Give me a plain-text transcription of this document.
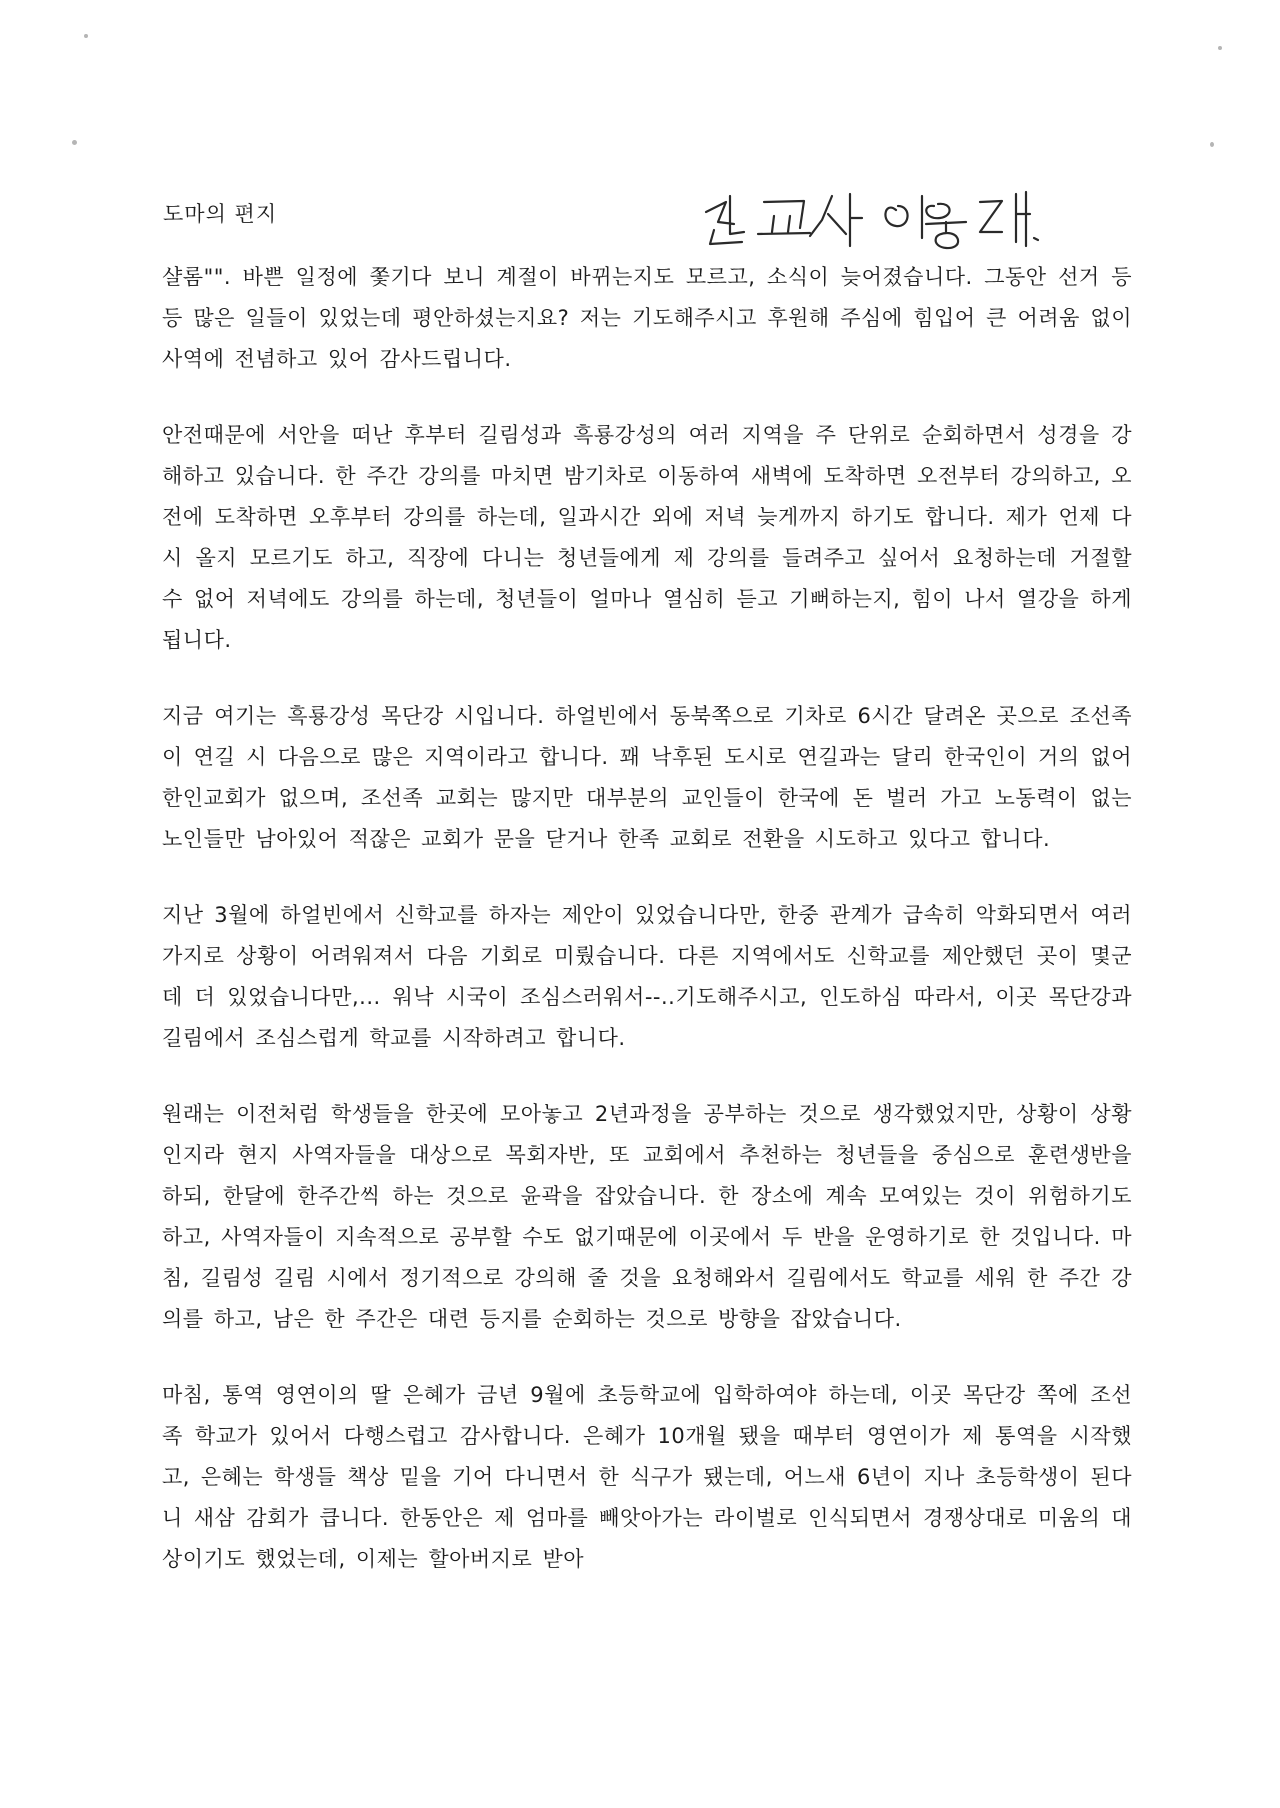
도마의 편지

샬롬"". 바쁜 일정에 쫓기다 보니 계절이 바뀌는지도 모르고, 소식이 늦어졌습니다. 그동안 선거 등등 많은 일들이 있었는데 평안하셨는지요? 저는 기도해주시고 후원해 주심에 힘입어 큰 어려움 없이 사역에 전념하고 있어 감사드립니다.

안전때문에 서안을 떠난 후부터 길림성과 흑룡강성의 여러 지역을 주 단위로 순회하면서 성경을 강해하고 있습니다. 한 주간 강의를 마치면 밤기차로 이동하여 새벽에 도착하면 오전부터 강의하고, 오전에 도착하면 오후부터 강의를 하는데, 일과시간 외에 저녁 늦게까지 하기도 합니다. 제가 언제 다시 올지 모르기도 하고, 직장에 다니는 청년들에게 제 강의를 들려주고 싶어서 요청하는데 거절할 수 없어 저녁에도 강의를 하는데, 청년들이 얼마나 열심히 듣고 기뻐하는지, 힘이 나서 열강을 하게 됩니다.

지금 여기는 흑룡강성 목단강 시입니다. 하얼빈에서 동북쪽으로 기차로 6시간 달려온 곳으로 조선족이 연길 시 다음으로 많은 지역이라고 합니다. 꽤 낙후된 도시로 연길과는 달리 한국인이 거의 없어 한인교회가 없으며, 조선족 교회는 많지만 대부분의 교인들이 한국에 돈 벌러 가고 노동력이 없는 노인들만 남아있어 적잖은 교회가 문을 닫거나 한족 교회로 전환을 시도하고 있다고 합니다.

지난 3월에 하얼빈에서 신학교를 하자는 제안이 있었습니다만, 한중 관계가 급속히 악화되면서 여러가지로 상황이 어려워져서 다음 기회로 미뤘습니다. 다른 지역에서도 신학교를 제안했던 곳이 몇군데 더 있었습니다만,... 워낙 시국이 조심스러워서--..기도해주시고, 인도하심 따라서, 이곳 목단강과 길림에서 조심스럽게 학교를 시작하려고 합니다.

원래는 이전처럼 학생들을 한곳에 모아놓고 2년과정을 공부하는 것으로 생각했었지만, 상황이 상황인지라 현지 사역자들을 대상으로 목회자반, 또 교회에서 추천하는 청년들을 중심으로 훈련생반을 하되, 한달에 한주간씩 하는 것으로 윤곽을 잡았습니다. 한 장소에 계속 모여있는 것이 위험하기도 하고, 사역자들이 지속적으로 공부할 수도 없기때문에 이곳에서 두 반을 운영하기로 한 것입니다. 마침, 길림성 길림 시에서 정기적으로 강의해 줄 것을 요청해와서 길림에서도 학교를 세워 한 주간 강의를 하고, 남은 한 주간은 대련 등지를 순회하는 것으로 방향을 잡았습니다.

마침, 통역 영연이의 딸 은혜가 금년 9월에 초등학교에 입학하여야 하는데, 이곳 목단강 쪽에 조선족 학교가 있어서 다행스럽고 감사합니다. 은혜가 10개월 됐을 때부터 영연이가 제 통역을 시작했고, 은혜는 학생들 책상 밑을 기어 다니면서 한 식구가 됐는데, 어느새 6년이 지나 초등학생이 된다니 새삼 감회가 큽니다. 한동안은 제 엄마를 빼앗아가는 라이벌로 인식되면서 경쟁상대로 미움의 대상이기도 했었는데, 이제는 할아버지로 받아
